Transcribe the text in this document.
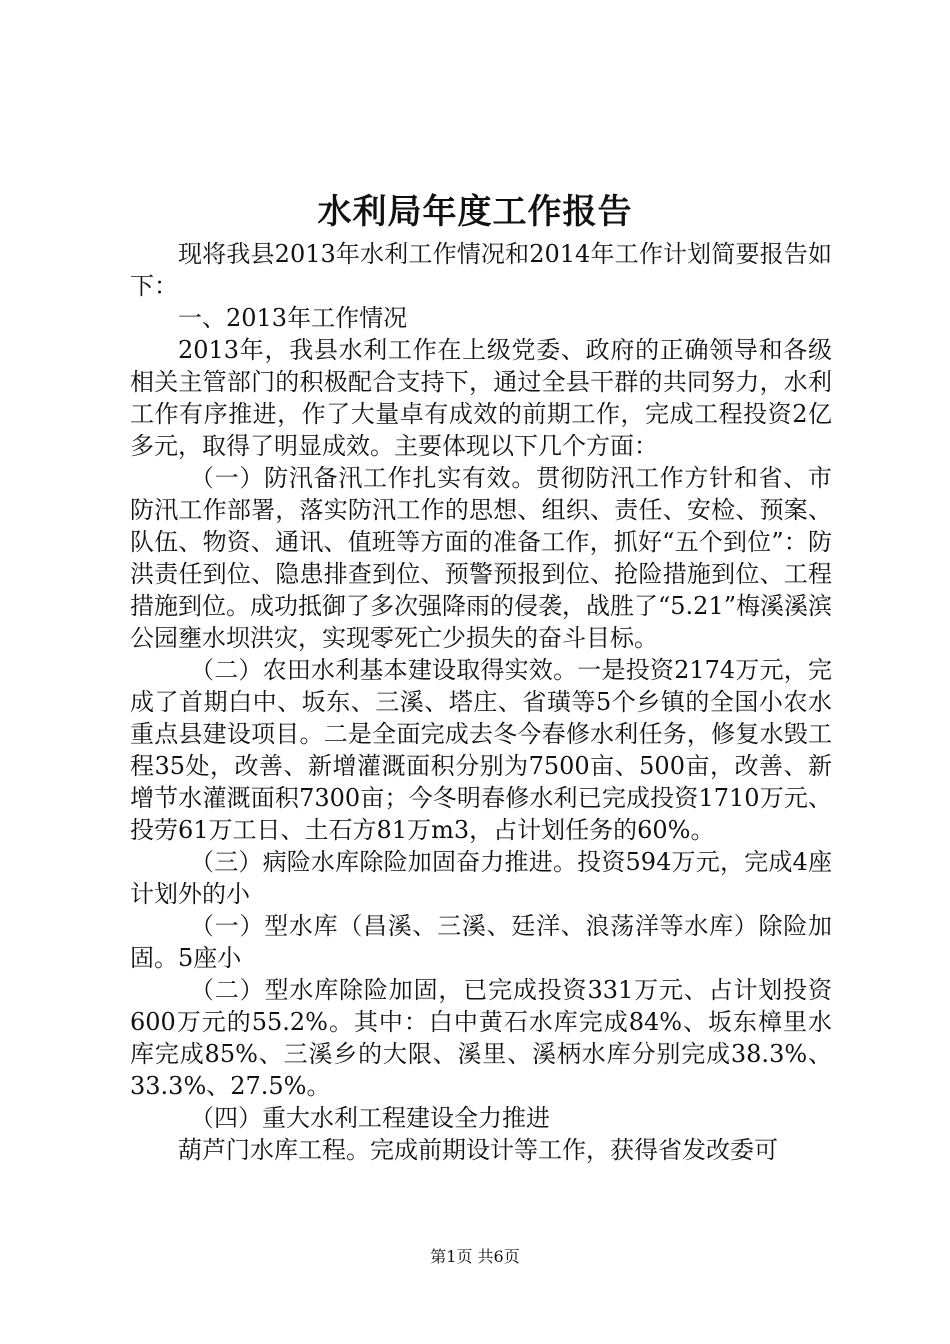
水利局年度工作报告

现将我县2013年水利工作情况和2014年工作计划简要报告如下：

一、2013年工作情况

2013年，我县水利工作在上级党委、政府的正确领导和各级相关主管部门的积极配合支持下，通过全县干群的共同努力，水利工作有序推进，作了大量卓有成效的前期工作，完成工程投资2亿多元，取得了明显成效。主要体现以下几个方面：

（一）防汛备汛工作扎实有效。贯彻防汛工作方针和省、市防汛工作部署，落实防汛工作的思想、组织、责任、安检、预案、队伍、物资、通讯、值班等方面的准备工作，抓好“五个到位”：防洪责任到位、隐患排查到位、预警预报到位、抢险措施到位、工程措施到位。成功抵御了多次强降雨的侵袭，战胜了“5.21”梅溪溪滨公园壅水坝洪灾，实现零死亡少损失的奋斗目标。

（二）农田水利基本建设取得实效。一是投资2174万元，完成了首期白中、坂东、三溪、塔庄、省璜等5个乡镇的全国小农水重点县建设项目。二是全面完成去冬今春修水利任务，修复水毁工程35处，改善、新增灌溉面积分别为7500亩、500亩，改善、新增节水灌溉面积7300亩；今冬明春修水利已完成投资1710万元、投劳61万工日、土石方81万m3，占计划任务的60%。

（三）病险水库除险加固奋力推进。投资594万元，完成4座计划外的小

（一）型水库（昌溪、三溪、廷洋、浪荡洋等水库）除险加固。5座小

（二）型水库除险加固，已完成投资331万元、占计划投资600万元的55.2%。其中：白中黄石水库完成84%、坂东樟里水库完成85%、三溪乡的大限、溪里、溪柄水库分别完成38.3%、33.3%、27.5%。

（四）重大水利工程建设全力推进

葫芦门水库工程。完成前期设计等工作，获得省发改委可

第1页 共6页
